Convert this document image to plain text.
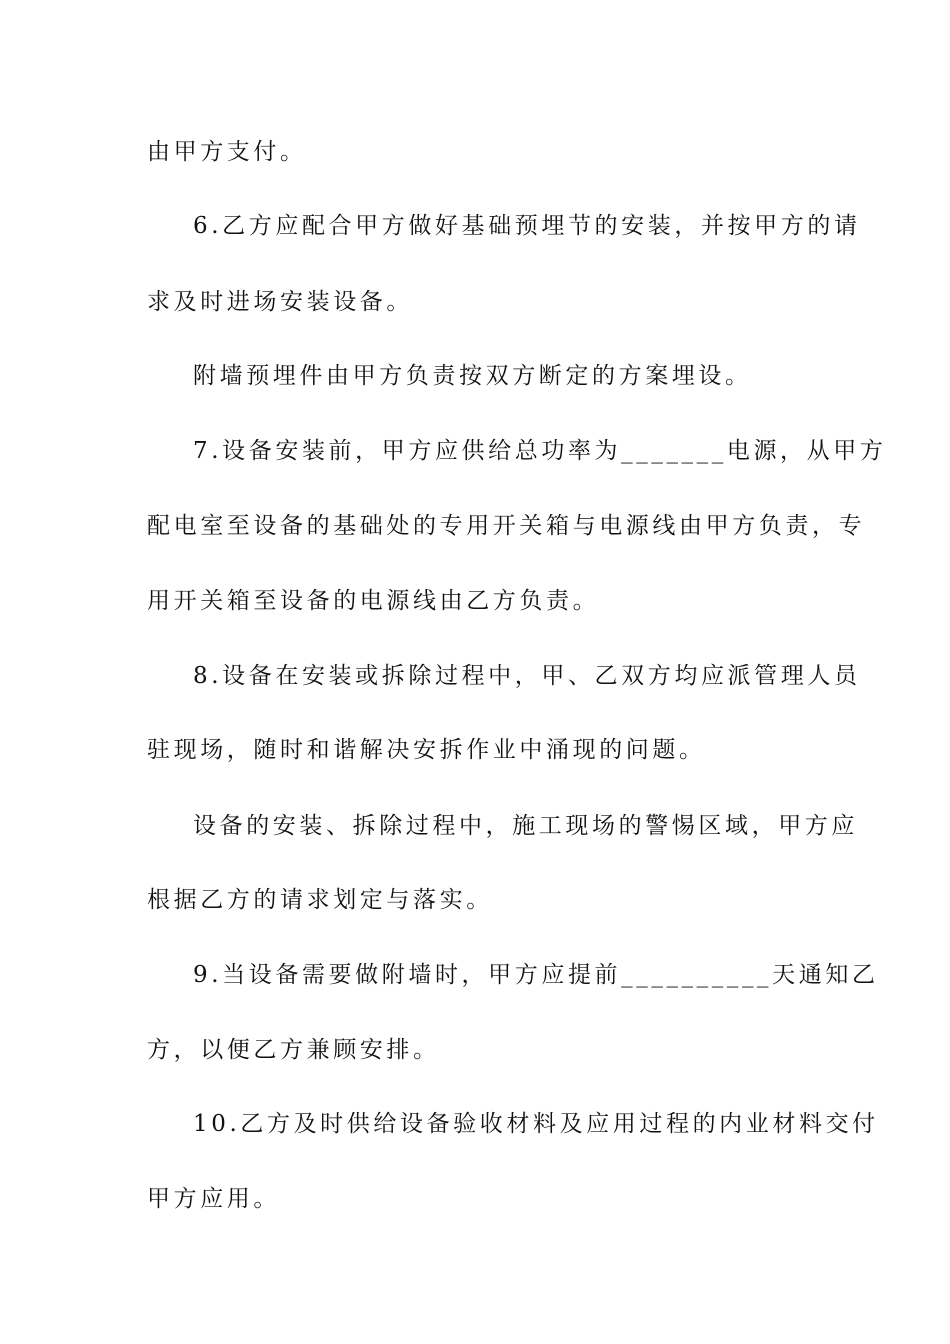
由甲方支付。
6.乙方应配合甲方做好基础预埋节的安装，并按甲方的请
求及时进场安装设备。
附墙预埋件由甲方负责按双方断定的方案埋设。
7.设备安装前，甲方应供给总功率为_______电源，从甲方
配电室至设备的基础处的专用开关箱与电源线由甲方负责，专
用开关箱至设备的电源线由乙方负责。
8.设备在安装或拆除过程中，甲、乙双方均应派管理人员
驻现场，随时和谐解决安拆作业中涌现的问题。
设备的安装、拆除过程中，施工现场的警惕区域，甲方应
根据乙方的请求划定与落实。
9.当设备需要做附墙时，甲方应提前__________天通知乙
方，以便乙方兼顾安排。
10.乙方及时供给设备验收材料及应用过程的内业材料交付
甲方应用。
